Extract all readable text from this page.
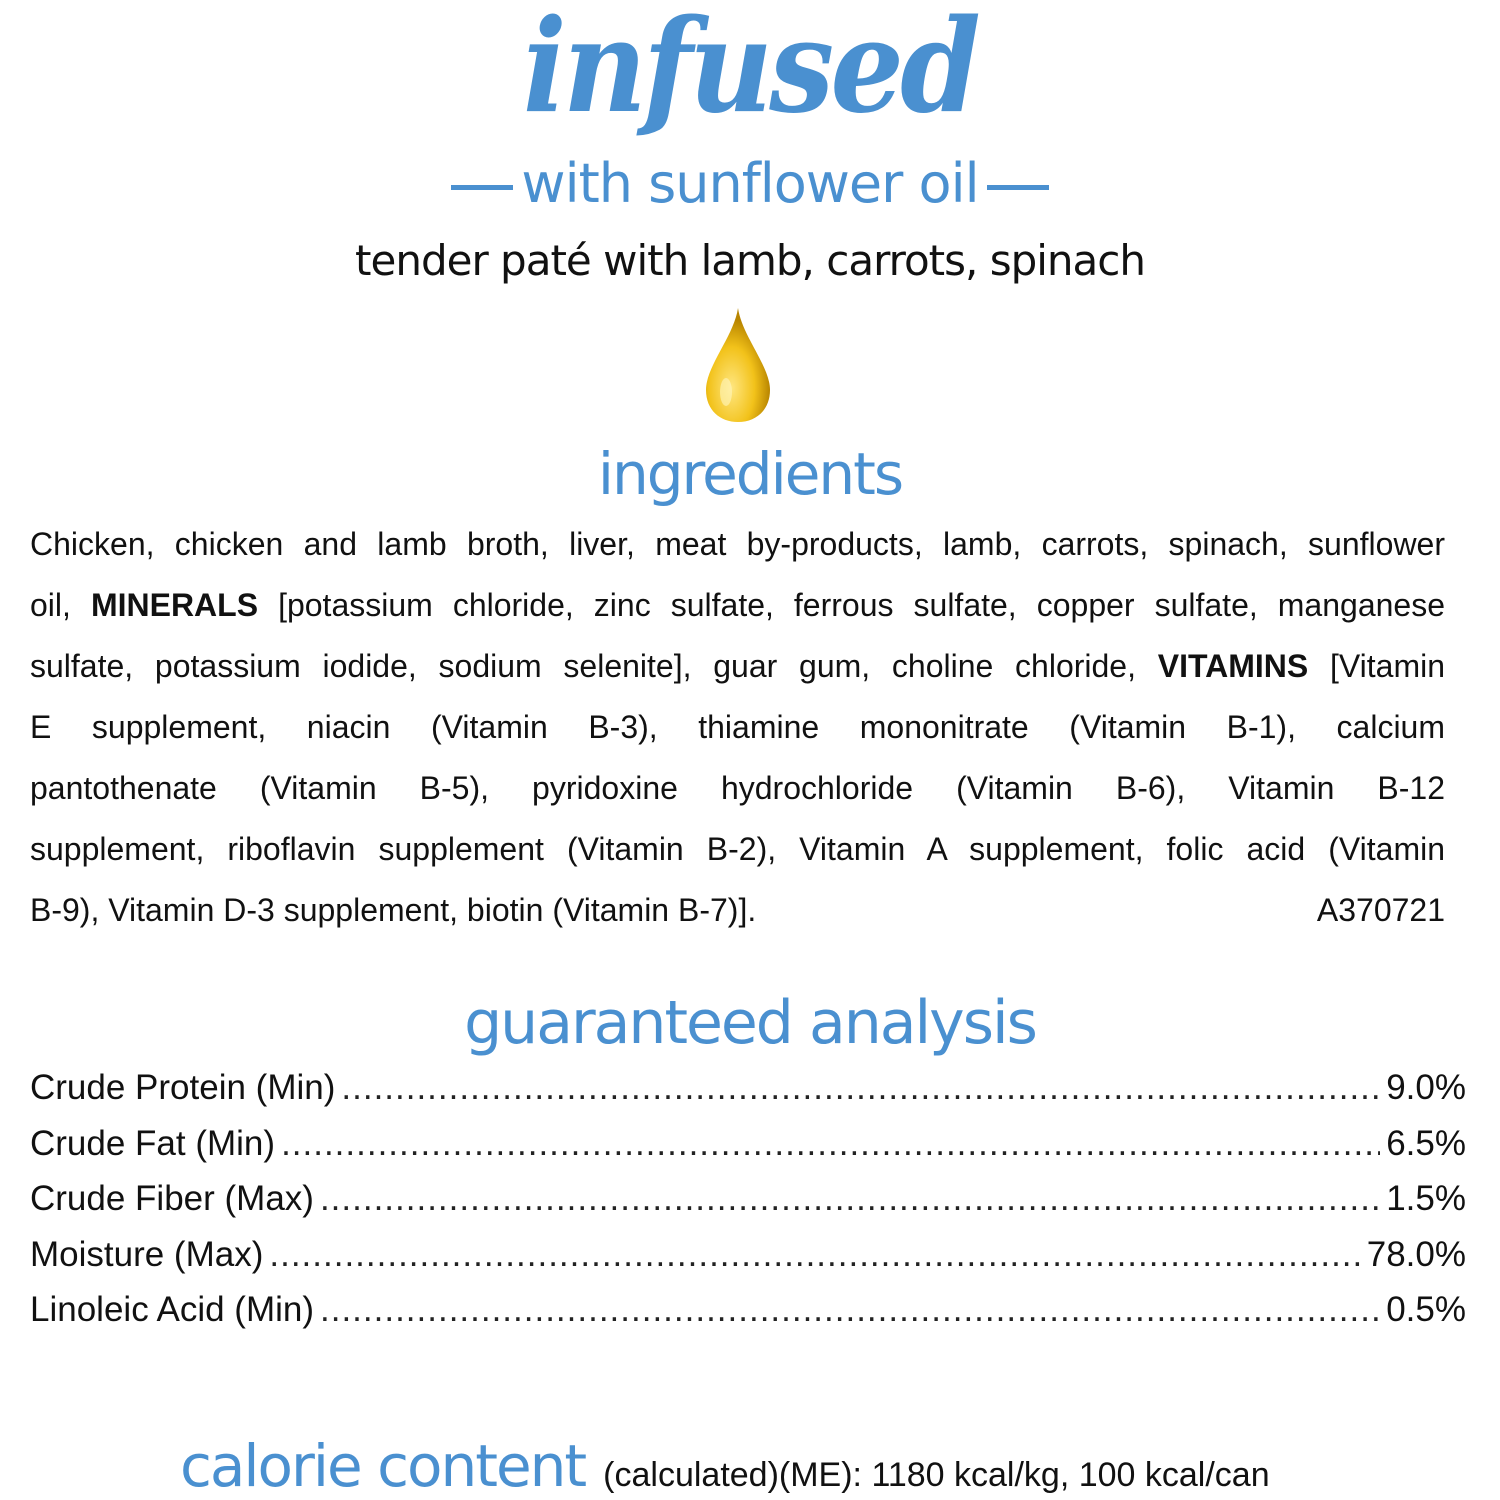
infused
with sunflower oil
tender paté with lamb, carrots, spinach
ingredients
Chicken, chicken and lamb broth, liver, meat by-products, lamb, carrots, spinach, sunflower
oil, MINERALS [potassium chloride, zinc sulfate, ferrous sulfate, copper sulfate, manganese
sulfate, potassium iodide, sodium selenite], guar gum, choline chloride, VITAMINS [Vitamin
E supplement, niacin (Vitamin B-3), thiamine mononitrate (Vitamin B-1), calcium
pantothenate (Vitamin B-5), pyridoxine hydrochloride (Vitamin B-6), Vitamin B-12
supplement, riboflavin supplement (Vitamin B-2), Vitamin A supplement, folic acid (Vitamin
B-9), Vitamin D-3 supplement, biotin (Vitamin B-7)].	A370721
guaranteed analysis
Crude Protein (Min) .....	9.0%
Crude Fat (Min) .....	6.5%
Crude Fiber (Max) .....	1.5%
Moisture (Max) .....	78.0%
Linoleic Acid (Min) .....	0.5%
calorie content (calculated)(ME): 1180 kcal/kg, 100 kcal/can
